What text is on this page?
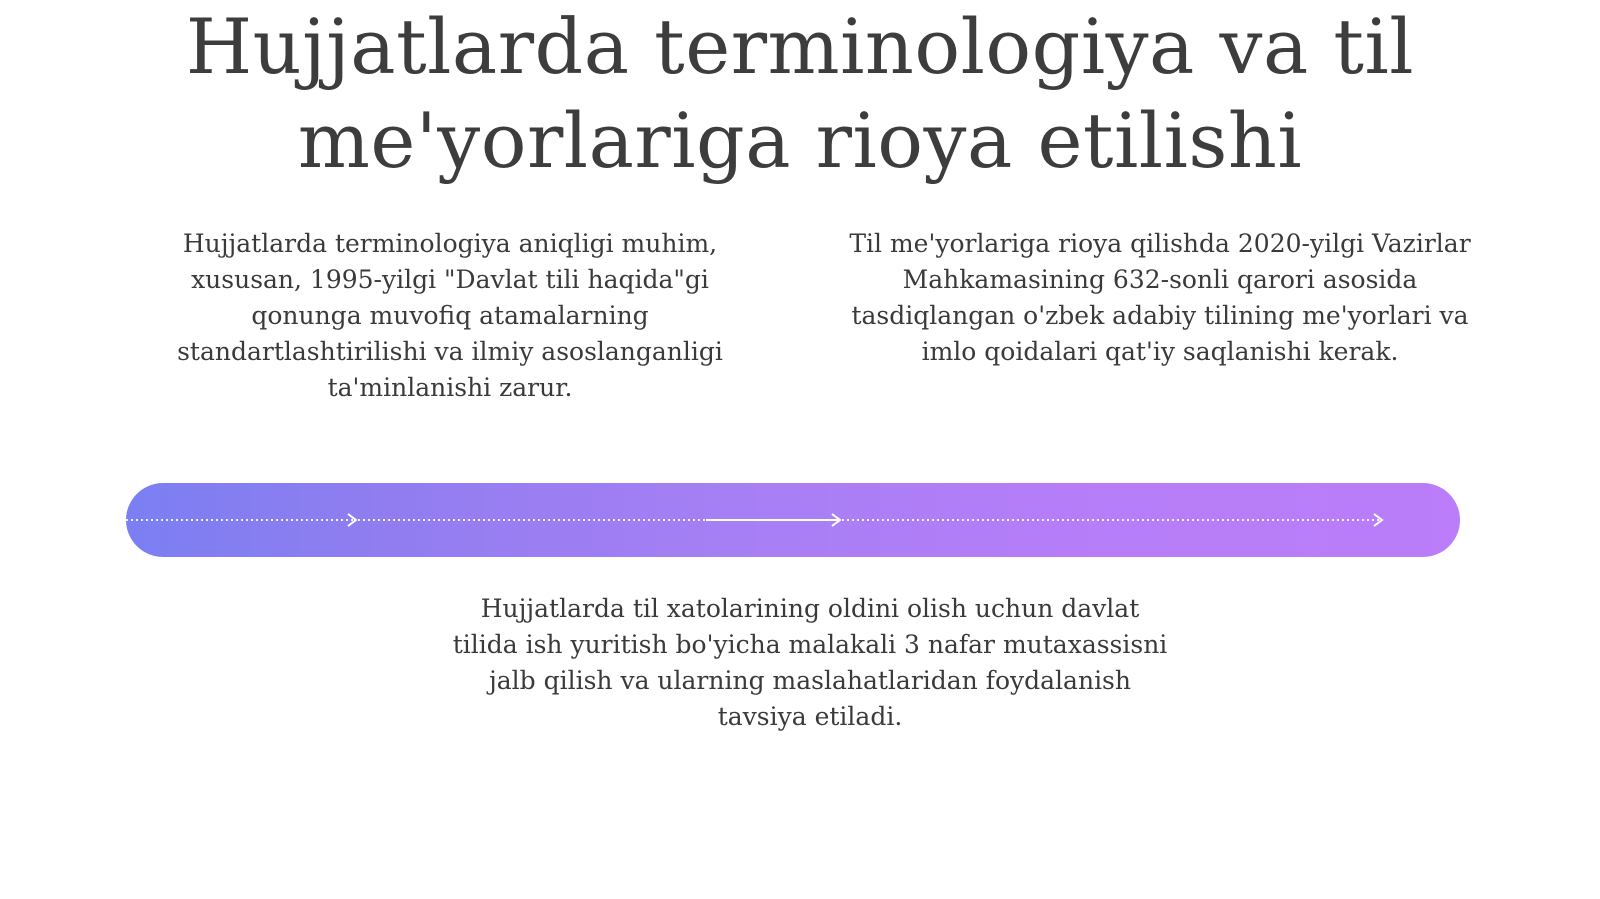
Hujjatlarda terminologiya va til me'yorlariga rioya etilishi

Hujjatlarda terminologiya aniqligi muhim, xususan, 1995-yilgi "Davlat tili haqida"gi qonunga muvofiq atamalarning standartlashtirilishi va ilmiy asoslanganligi ta'minlanishi zarur.

Til me'yorlariga rioya qilishda 2020-yilgi Vazirlar Mahkamasining 632-sonli qarori asosida tasdiqlangan o'zbek adabiy tilining me'yorlari va imlo qoidalari qat'iy saqlanishi kerak.

Hujjatlarda til xatolarining oldini olish uchun davlat tilida ish yuritish bo'yicha malakali 3 nafar mutaxassisni jalb qilish va ularning maslahatlaridan foydalanish tavsiya etiladi.
